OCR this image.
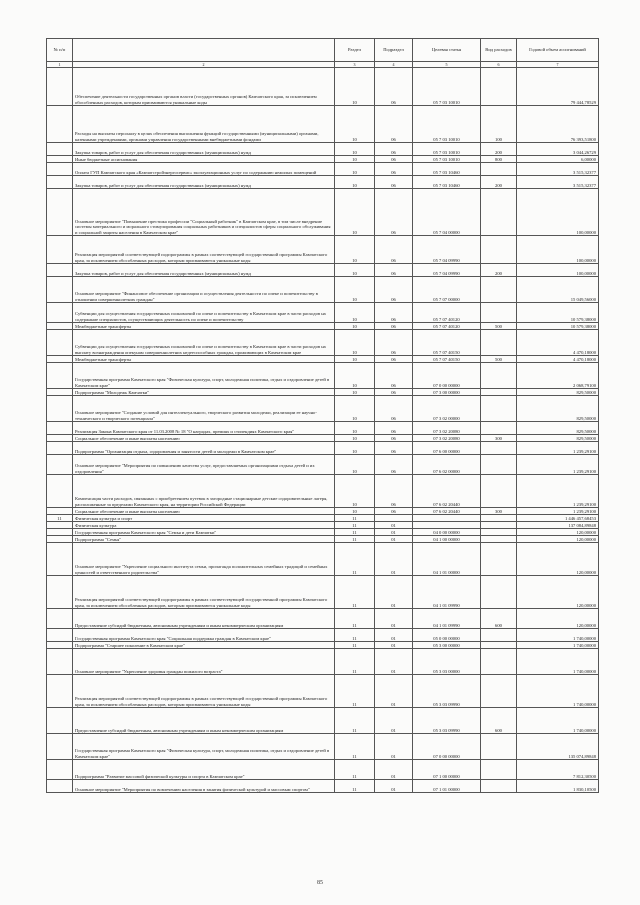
№ п/п		Раздел	Подраздел	Целевая статья	Вид расходов	Годовой объем ассигнований
1	2	3	4	5	6	7
	Обеспечение деятельности государственных органов власти (государственных органов) Камчатского края, за исключением обособленных расходов, которым присваиваются уникальные коды	10	06	05 7 03 10010		79 444,78529
	Расходы на выплаты персоналу в целях обеспечения выполнения функций государственными (муниципальными) органами, казенными учреждениями, органами управления государственными внебюджетными фондами	10	06	05 7 03 10010	100	76 393,51800
	Закупка товаров, работ и услуг для обеспечения государственных (муниципальных) нужд	10	06	05 7 03 10010	200	3 044,26729
	Иные бюджетные ассигнования	10	06	05 7 03 10010	800	6,00000
	Оплата ГУП Камчатского края «Камчатстройэнергосервис» эксплуатационных услуг по содержанию нежилых помещений	10	06	05 7 03 10460		3 515,32377
	Закупка товаров, работ и услуг для обеспечения государственных (муниципальных) нужд	10	06	05 7 03 10460	200	3 515,32377
	Основное мероприятие "Повышение престижа профессии "Социальный работник" в Камчатском крае, в том числе внедрение системы материального и морального стимулирования социальных работников и специалистов сферы социального обслуживания и социальной защиты населения в Камчатском крае"	10	06	05 7 04 00000		100,00000
	Реализация мероприятий соответствующей подпрограммы в рамках соответствующей государственной программы Камчатского края, за исключением обособленных расходов, которым присваиваются уникальные коды	10	06	05 7 04 09990		100,00000
	Закупка товаров, работ и услуг для обеспечения государственных (муниципальных) нужд	10	06	05 7 04 09990	200	100,00000
	Основное мероприятие "Финансовое обеспечение организации и осуществления деятельности по опеке и попечительству в отношении совершеннолетних граждан"	10	06	05 7 07 00000		15 049,56000
	Субвенции для осуществления государственных полномочий по опеке и попечительству в Камчатском крае в части расходов на содержание специалистов, осуществляющих деятельность по опеке и попечительству	10	06	05 7 07 40120		10 579,38000
	Межбюджетные трансферты	10	06	05 7 07 40120	500	10 579,38000
	Субвенции для осуществления государственных полномочий по опеке и попечительству в Камчатском крае в части расходов на выплату вознаграждения опекунам совершеннолетних недееспособных граждан, проживающих в Камчатском крае	10	06	05 7 07 40150		4 470,18000
	Межбюджетные трансферты	10	06	05 7 07 40150	500	4 470,18000
	Государственная программа Камчатского края "Физическая культура, спорт, молодежная политика, отдых и оздоровление детей в Камчатском крае"	10	06	07 0 00 00000		2 068,79100
	Подпрограмма "Молодежь Камчатки"	10	06	07 3 00 00000		829,50000
	Основное мероприятие "Создание условий для интеллектуального, творческого развития молодежи, реализации ее научно-технического и творческого потенциала"	10	06	07 3 02 00000		829,50000
	Реализация Закона Камчатского края от 11.03.2008 № 18 "О наградах, премиях и стипендиях Камчатского края"	10	06	07 3 02 20080		829,50000
	Социальное обеспечение и иные выплаты населению	10	06	07 3 02 20080	300	829,50000
	Подпрограмма "Организация отдыха, оздоровления и занятости детей и молодежи в Камчатском крае"	10	06	07 6 00 00000		1 239,29100
	Основное мероприятие "Мероприятия по повышению качества услуг, предоставляемых организациями отдыха детей и их оздоровления"	10	06	07 6 02 00000		1 239,29100
	Компенсация части расходов, связанных с приобретением путевок в загородные стационарные детские оздоровительные лагеря, расположенные за пределами Камчатского края, на территории Российской Федерации	10	06	07 6 02 20440		1 239,29100
	Социальное обеспечение и иные выплаты населению	10	06	07 6 02 20440	300	1 239,29100
11	Физическая культура и спорт	11				1 446 457,68453
	Физическая культура	11	01			137 084,89848
	Государственная программа Камчатского края "Семья и дети Камчатки"	11	01	04 0 00 00000		120,00000
	Подпрограмма "Семья"	11	01	04 1 00 00000		120,00000
	Основное мероприятие "Укрепление социального института семьи, пропаганда положительных семейных традиций и семейных ценностей и ответственного родительства"	11	01	04 1 01 00000		120,00000
	Реализация мероприятий соответствующей подпрограммы в рамках соответствующей государственной программы Камчатского края, за исключением обособленных расходов, которым присваиваются уникальные коды	11	01	04 1 01 09990		120,00000
	Предоставление субсидий бюджетным, автономным учреждениям и иным некоммерческим организациям	11	01	04 1 01 09990	600	120,00000
	Государственная программа Камчатского края "Социальная поддержка граждан в Камчатском крае"	11	01	05 0 00 00000		1 740,00000
	Подпрограмма "Старшее поколение в Камчатском крае"	11	01	05 3 00 00000		1 740,00000
	Основное мероприятие "Укрепление здоровья граждан пожилого возраста"	11	01	05 3 03 00000		1 740,00000
	Реализация мероприятий соответствующей подпрограммы в рамках соответствующей государственной программы Камчатского края, за исключением обособленных расходов, которым присваиваются уникальные коды	11	01	05 3 03 09990		1 740,00000
	Предоставление субсидий бюджетным, автономным учреждениям и иным некоммерческим организациям	11	01	05 3 03 09990	600	1 740,00000
	Государственная программа Камчатского края "Физическая культура, спорт, молодежная политика, отдых и оздоровление детей в Камчатском крае"	11	01	07 0 00 00000		135 074,89848
	Подпрограмма "Развитие массовой физической культуры и спорта в Камчатском крае"	11	01	07 1 00 00000		7 812,30500
	Основное мероприятие "Мероприятия по вовлечению населения в занятия физической культурой и массовым спортом"	11	01	07 1 01 00000		1 830,10500
85
